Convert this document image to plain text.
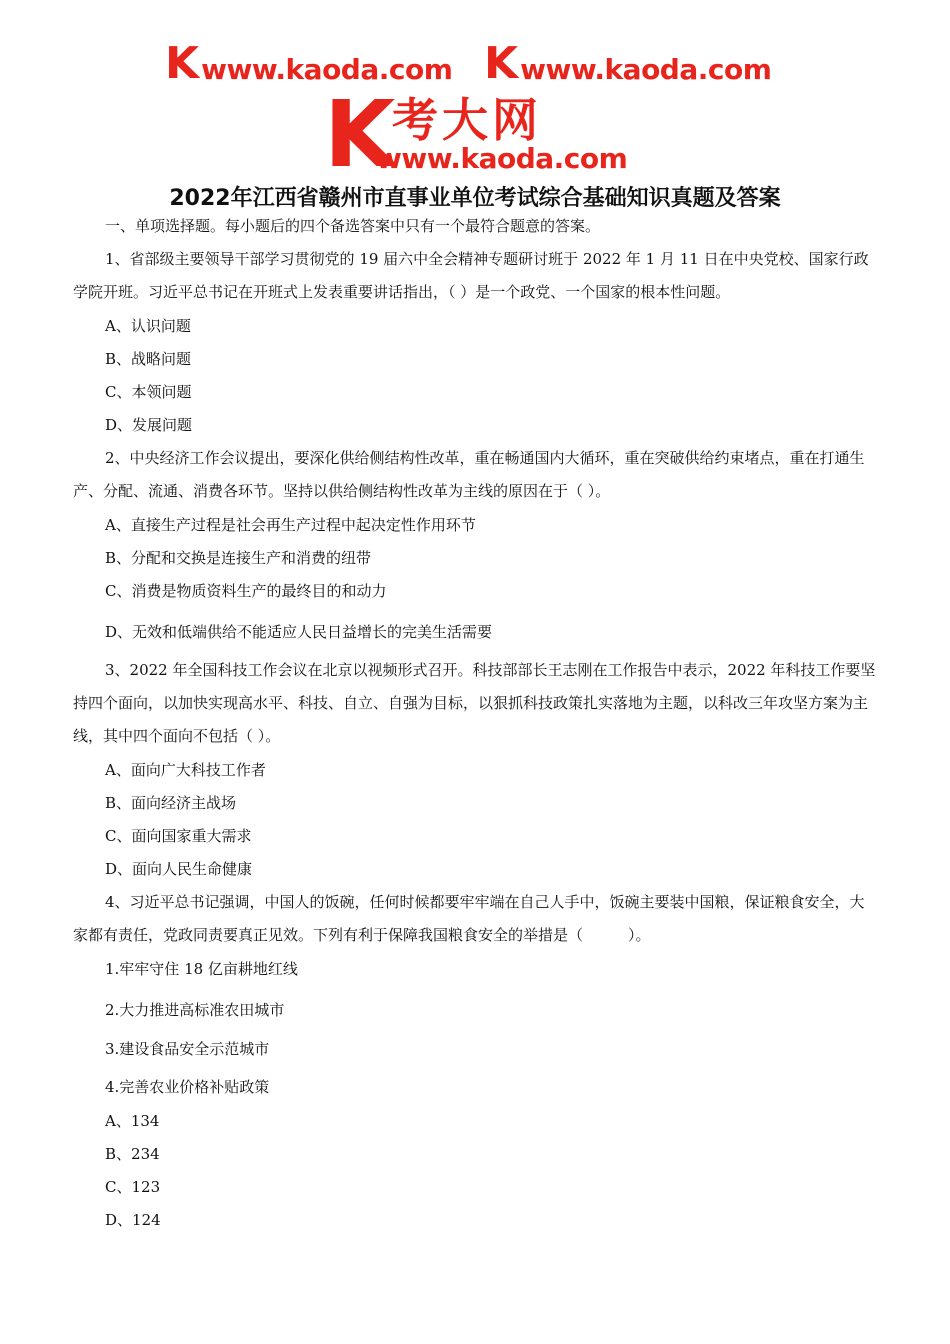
K www.kaoda.com K www.kaoda.com
K
考大网
www.kaoda.com
2022年江西省赣州市直事业单位考试综合基础知识真题及答案

一、单项选择题。每小题后的四个备选答案中只有一个最符合题意的答案。

1、省部级主要领导干部学习贯彻党的 19 届六中全会精神专题研讨班于 2022 年 1 月 11 日在中央党校、国家行政学院开班。习近平总书记在开班式上发表重要讲话指出，（ ）是一个政党、一个国家的根本性问题。

A、认识问题

B、战略问题

C、本领问题

D、发展问题

2、中央经济工作会议提出，要深化供给侧结构性改革，重在畅通国内大循环，重在突破供给约束堵点，重在打通生产、分配、流通、消费各环节。坚持以供给侧结构性改革为主线的原因在于（ ）。

A、直接生产过程是社会再生产过程中起决定性作用环节

B、分配和交换是连接生产和消费的纽带

C、消费是物质资料生产的最终目的和动力

D、无效和低端供给不能适应人民日益增长的完美生活需要

3、2022 年全国科技工作会议在北京以视频形式召开。科技部部长王志刚在工作报告中表示，2022 年科技工作要坚持四个面向，以加快实现高水平、科技、自立、自强为目标，以狠抓科技政策扎实落地为主题，以科改三年攻坚方案为主线，其中四个面向不包括（ ）。

A、面向广大科技工作者

B、面向经济主战场

C、面向国家重大需求

D、面向人民生命健康

4、习近平总书记强调，中国人的饭碗，任何时候都要牢牢端在自己人手中，饭碗主要装中国粮，保证粮食安全，大家都有责任，党政同责要真正见效。下列有利于保障我国粮食安全的举措是（　　　）。

1.牢牢守住 18 亿亩耕地红线

2.大力推进高标准农田城市

3.建设食品安全示范城市

4.完善农业价格补贴政策

A、134

B、234

C、123

D、124
